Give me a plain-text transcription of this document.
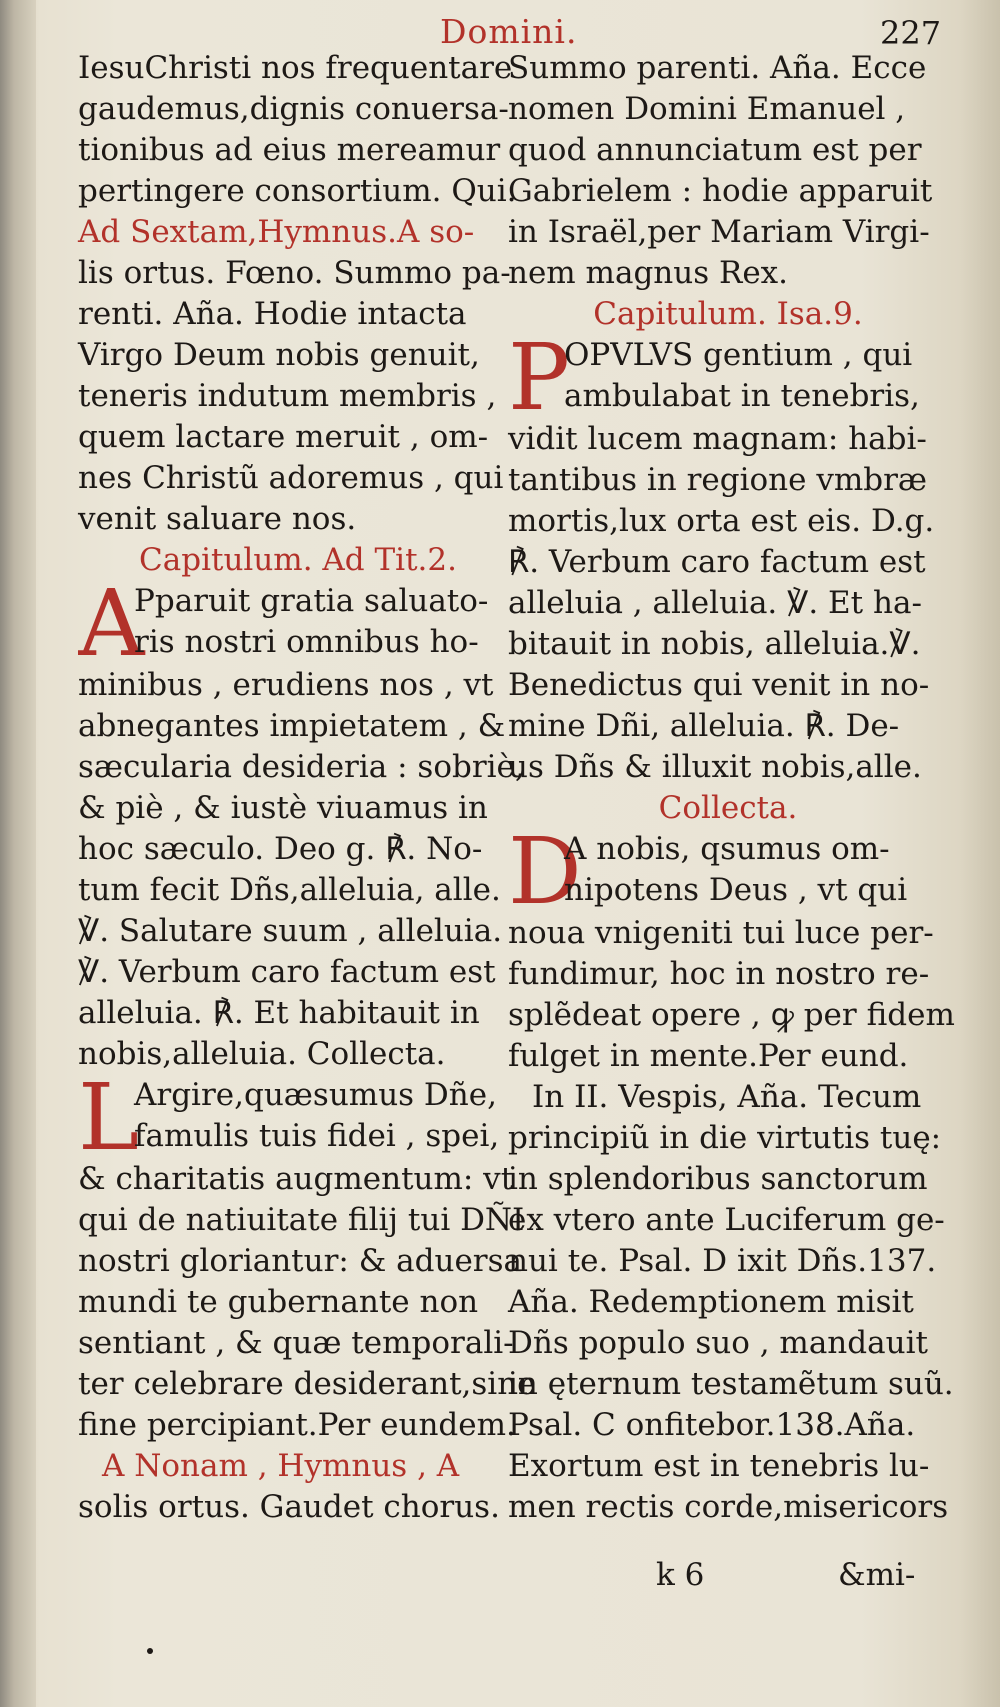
Domini.	227
IesuChristi nos frequentare
gaudemus,dignis conuersa-
tionibus ad eius mereamur
pertingere consortium. Qui.
Ad Sextam,Hymnus.A so-
lis ortus. Fœno. Summo pa-
renti. Aña. Hodie intacta
Virgo Deum nobis genuit,
teneris indutum membris ,
quem lactare meruit , om-
nes Christũ adoremus , qui
venit saluare nos.
Capitulum. Ad Tit.2.
A
Pparuit gratia saluato-
ris nostri omnibus ho-
minibus , erudiens nos , vt
abnegantes impietatem , &
sæcularia desideria : sobriè,
& piè , & iustè viuamus in
hoc sæculo. Deo g. ℟. No-
tum fecit Dñs,alleluia, alle.
℣. Salutare suum , alleluia.
℣. Verbum caro factum est
alleluia. ℟. Et habitauit in
nobis,alleluia. Collecta.
L
Argire,quæsumus Dñe,
famulis tuis fidei , spei,
& charitatis augmentum: vt
qui de natiuitate filij tui DÑI
nostri gloriantur: & aduersa
mundi te gubernante non
sentiant , & quæ temporali-
ter celebrare desiderant,sine
fine percipiant.Per eundem.
A Nonam , Hymnus , A
solis ortus. Gaudet chorus.
Summo parenti. Aña. Ecce
nomen Domini Emanuel ,
quod annunciatum est per
Gabrielem : hodie apparuit
in Israël,per Mariam Virgi-
nem magnus Rex.
Capitulum. Isa.9.
P
OPVLVS gentium , qui
ambulabat in tenebris,
vidit lucem magnam: habi-
tantibus in regione vmbræ
mortis,lux orta est eis. D.g.
℟. Verbum caro factum est
alleluia , alleluia. ℣. Et ha-
bitauit in nobis, alleluia.℣.
Benedictus qui venit in no-
mine Dñi, alleluia. ℟. De-
us Dñs & illuxit nobis,alle.
Collecta.
D
A nobis, qsumus om-
nipotens Deus , vt qui
noua vnigeniti tui luce per-
fundimur, hoc in nostro re-
splẽdeat opere , ꝙ per fidem
fulget in mente.Per eund.
In II. Vespis, Aña. Tecum
principiũ in die virtutis tuę:
in splendoribus sanctorum
ex vtero ante Luciferum ge-
nui te. Psal. D ixit Dñs.137.
Aña. Redemptionem misit
Dñs populo suo , mandauit
in ęternum testamẽtum suũ.
Psal. C onfitebor.138.Aña.
Exortum est in tenebris lu-
men rectis corde,misericors
k 6	&mi-
